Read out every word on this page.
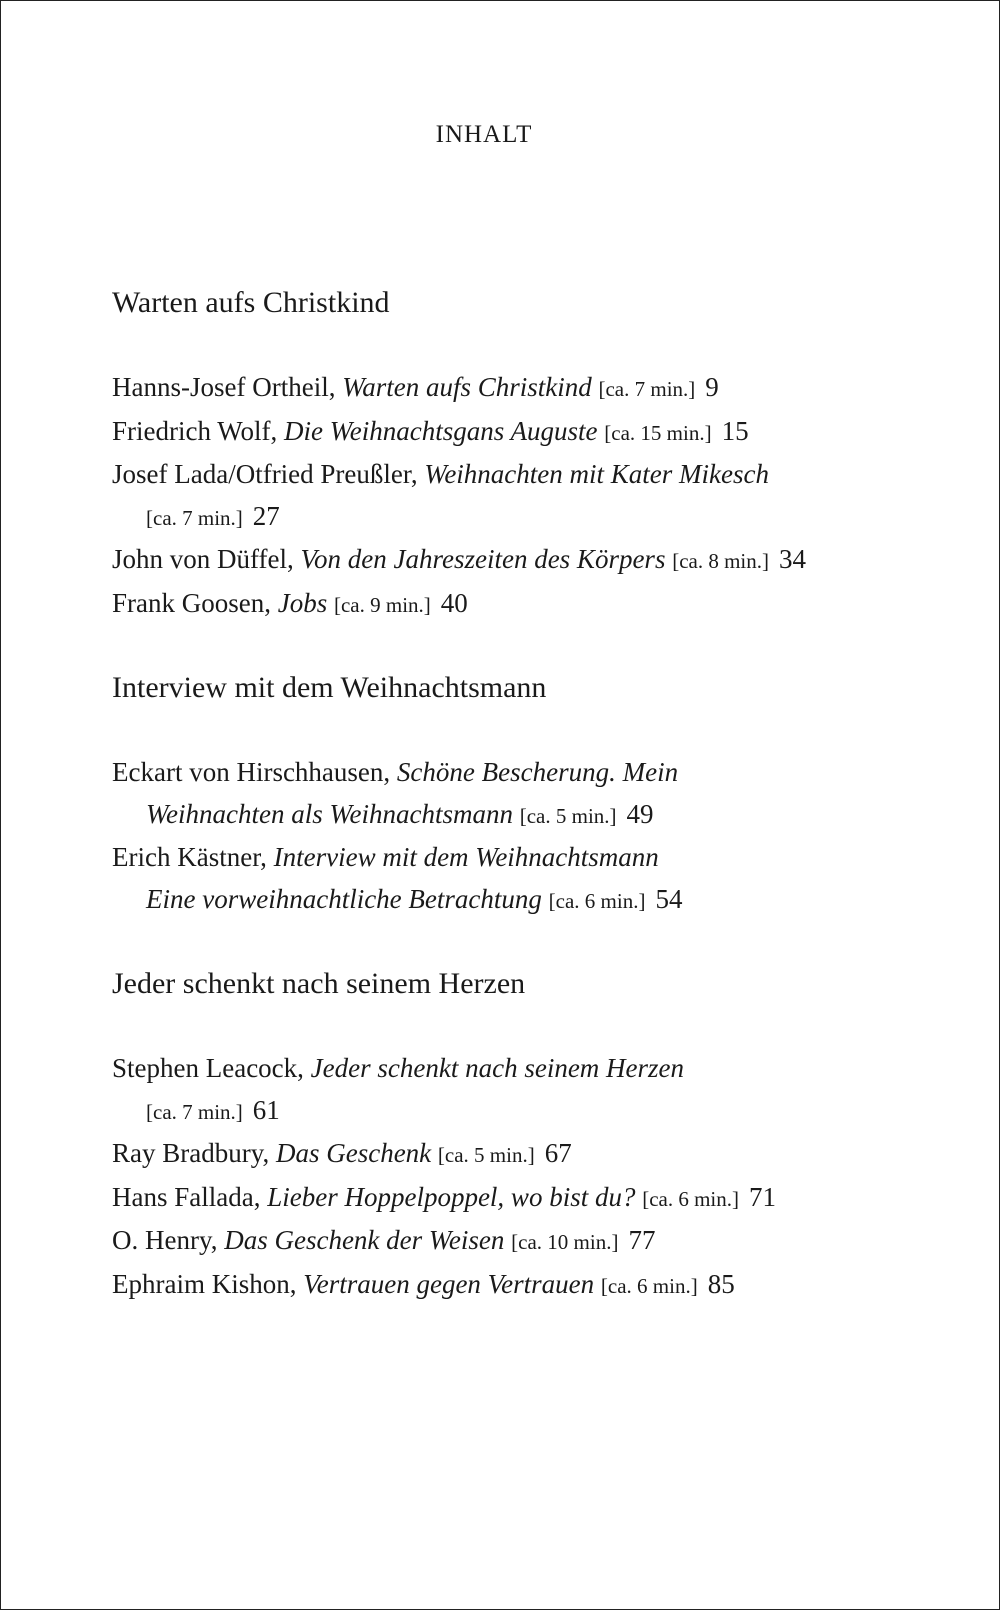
INHALT
Warten aufs Christkind
Hanns-Josef Ortheil, Warten aufs Christkind [ca. 7 min.] 9
Friedrich Wolf, Die Weihnachtsgans Auguste [ca. 15 min.] 15
Josef Lada/Otfried Preußler, Weihnachten mit Kater Mikesch
[ca. 7 min.] 27
John von Düffel, Von den Jahreszeiten des Körpers [ca. 8 min.] 34
Frank Goosen, Jobs [ca. 9 min.] 40
Interview mit dem Weihnachtsmann
Eckart von Hirschhausen, Schöne Bescherung. Mein
Weihnachten als Weihnachtsmann [ca. 5 min.] 49
Erich Kästner, Interview mit dem Weihnachtsmann
Eine vorweihnachtliche Betrachtung [ca. 6 min.] 54
Jeder schenkt nach seinem Herzen
Stephen Leacock, Jeder schenkt nach seinem Herzen
[ca. 7 min.] 61
Ray Bradbury, Das Geschenk [ca. 5 min.] 67
Hans Fallada, Lieber Hoppelpoppel, wo bist du? [ca. 6 min.] 71
O. Henry, Das Geschenk der Weisen [ca. 10 min.] 77
Ephraim Kishon, Vertrauen gegen Vertrauen [ca. 6 min.] 85
